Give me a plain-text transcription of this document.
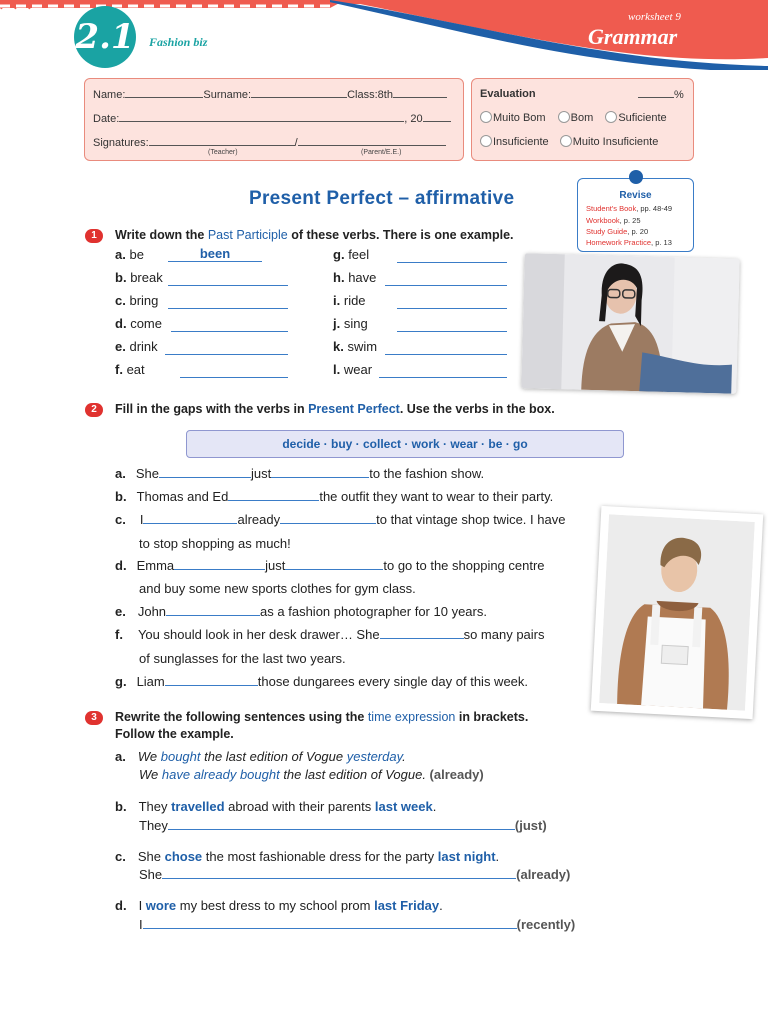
2.1 Fashion biz
worksheet 9
Grammar
Name:	Surname:	Class:8th
Date:	, 20
Signatures:	/
(Teacher)	(Parent/E.E.)
Evaluation	%
Muito Bom Bom Suficiente
Insuficiente Muito Insuficiente
Present Perfect – affirmative	Revise
Student's Book, pp. 48-49
Workbook, p. 25
Study Guide, p. 20
Homework Practice, p. 13
1	Write down the Past Participle of these verbs. There is one example.
a. be	been
b. break
c. bring
d. come
e. drink
f. eat
g. feel
h. have
i. ride
j. sing
k. swim
l. wear
2	Fill in the gaps with the verbs in Present Perfect. Use the verbs in the box.
decide · buy · collect · work · wear · be · go
a. She	just	to the fashion show.
b. Thomas and Ed	the outfit they want to wear to their party.
c. I	already	to that vintage shop twice. I have
to stop shopping as much!
d. Emma	just	to go to the shopping centre
and buy some new sports clothes for gym class.
e. John	as a fashion photographer for 10 years.
f. You should look in her desk drawer… She	so many pairs
of sunglasses for the last two years.
g. Liam	those dungarees every single day of this week.
3	Rewrite the following sentences using the time expression in brackets.
Follow the example.
a. We bought the last edition of Vogue yesterday.
We have already bought the last edition of Vogue. (already)
b. They travelled abroad with their parents last week.
They	(just)
c. She chose the most fashionable dress for the party last night.
She	(already)
d. I wore my best dress to my school prom last Friday.
I	(recently)
